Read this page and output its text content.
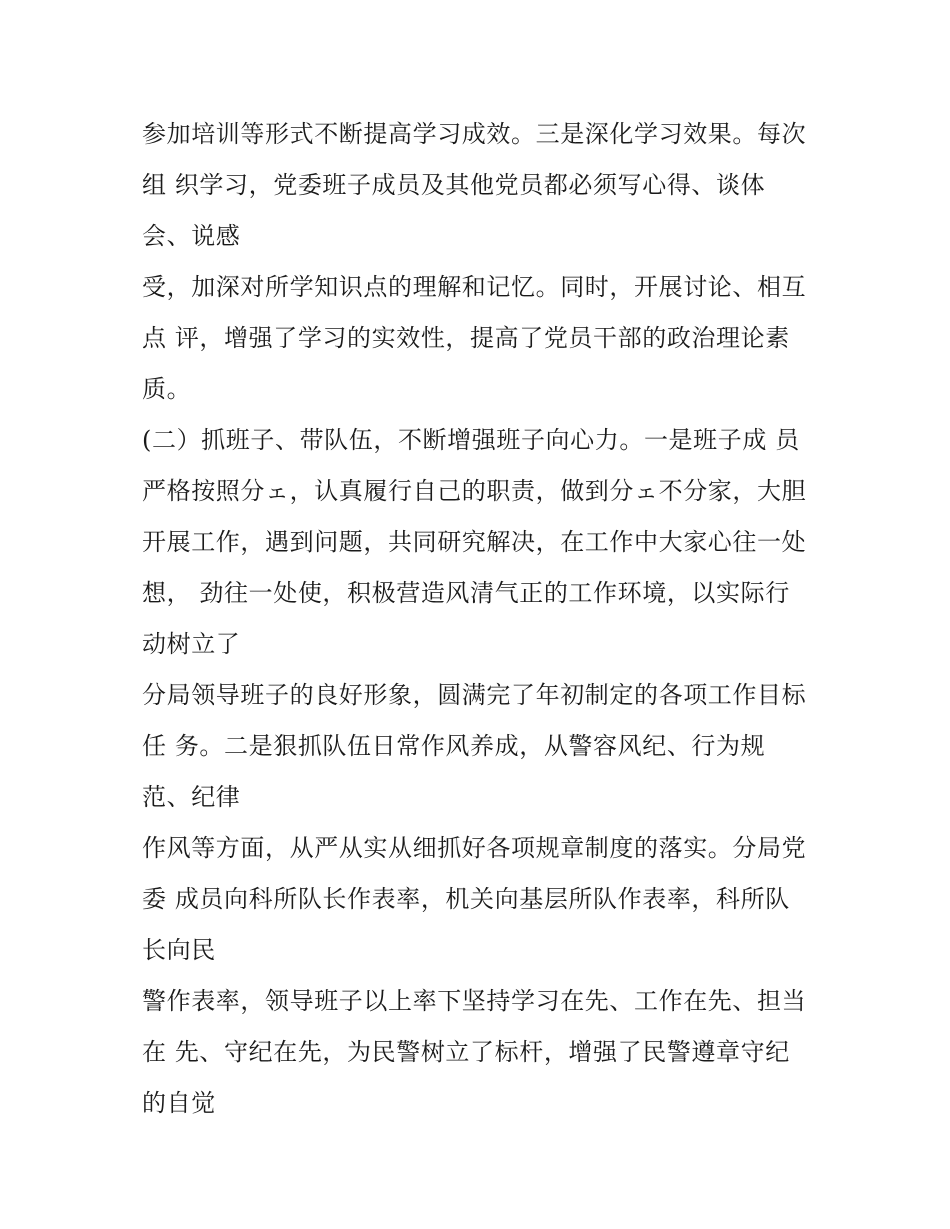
参加培训等形式不断提高学习成效。三是深化学习效果。每次
组 织学习，党委班子成员及其他党员都必须写心得、谈体
会、说感
受，加深对所学知识点的理解和记忆。同时，开展讨论、相互
点 评，增强了学习的实效性，提高了党员干部的政治理论素
质。
(二）抓班子、带队伍，不断增强班子向心力。一是班子成 员
严格按照分ェ，认真履行自己的职责，做到分ェ不分家，大胆
开展工作，遇到问题，共同研究解决，在工作中大家心往一处
想， 劲往一处使，积极营造风清气正的工作环境，以实际行
动树立了
分局领导班子的良好形象，圆满完了年初制定的各项工作目标
任 务。二是狠抓队伍日常作风养成，从警容风纪、行为规
范、纪律
作风等方面，从严从实从细抓好各项规章制度的落实。分局党
委 成员向科所队长作表率，机关向基层所队作表率，科所队
长向民
警作表率，领导班子以上率下坚持学习在先、工作在先、担当
在 先、守纪在先，为民警树立了标杆，增强了民警遵章守纪
的自觉
